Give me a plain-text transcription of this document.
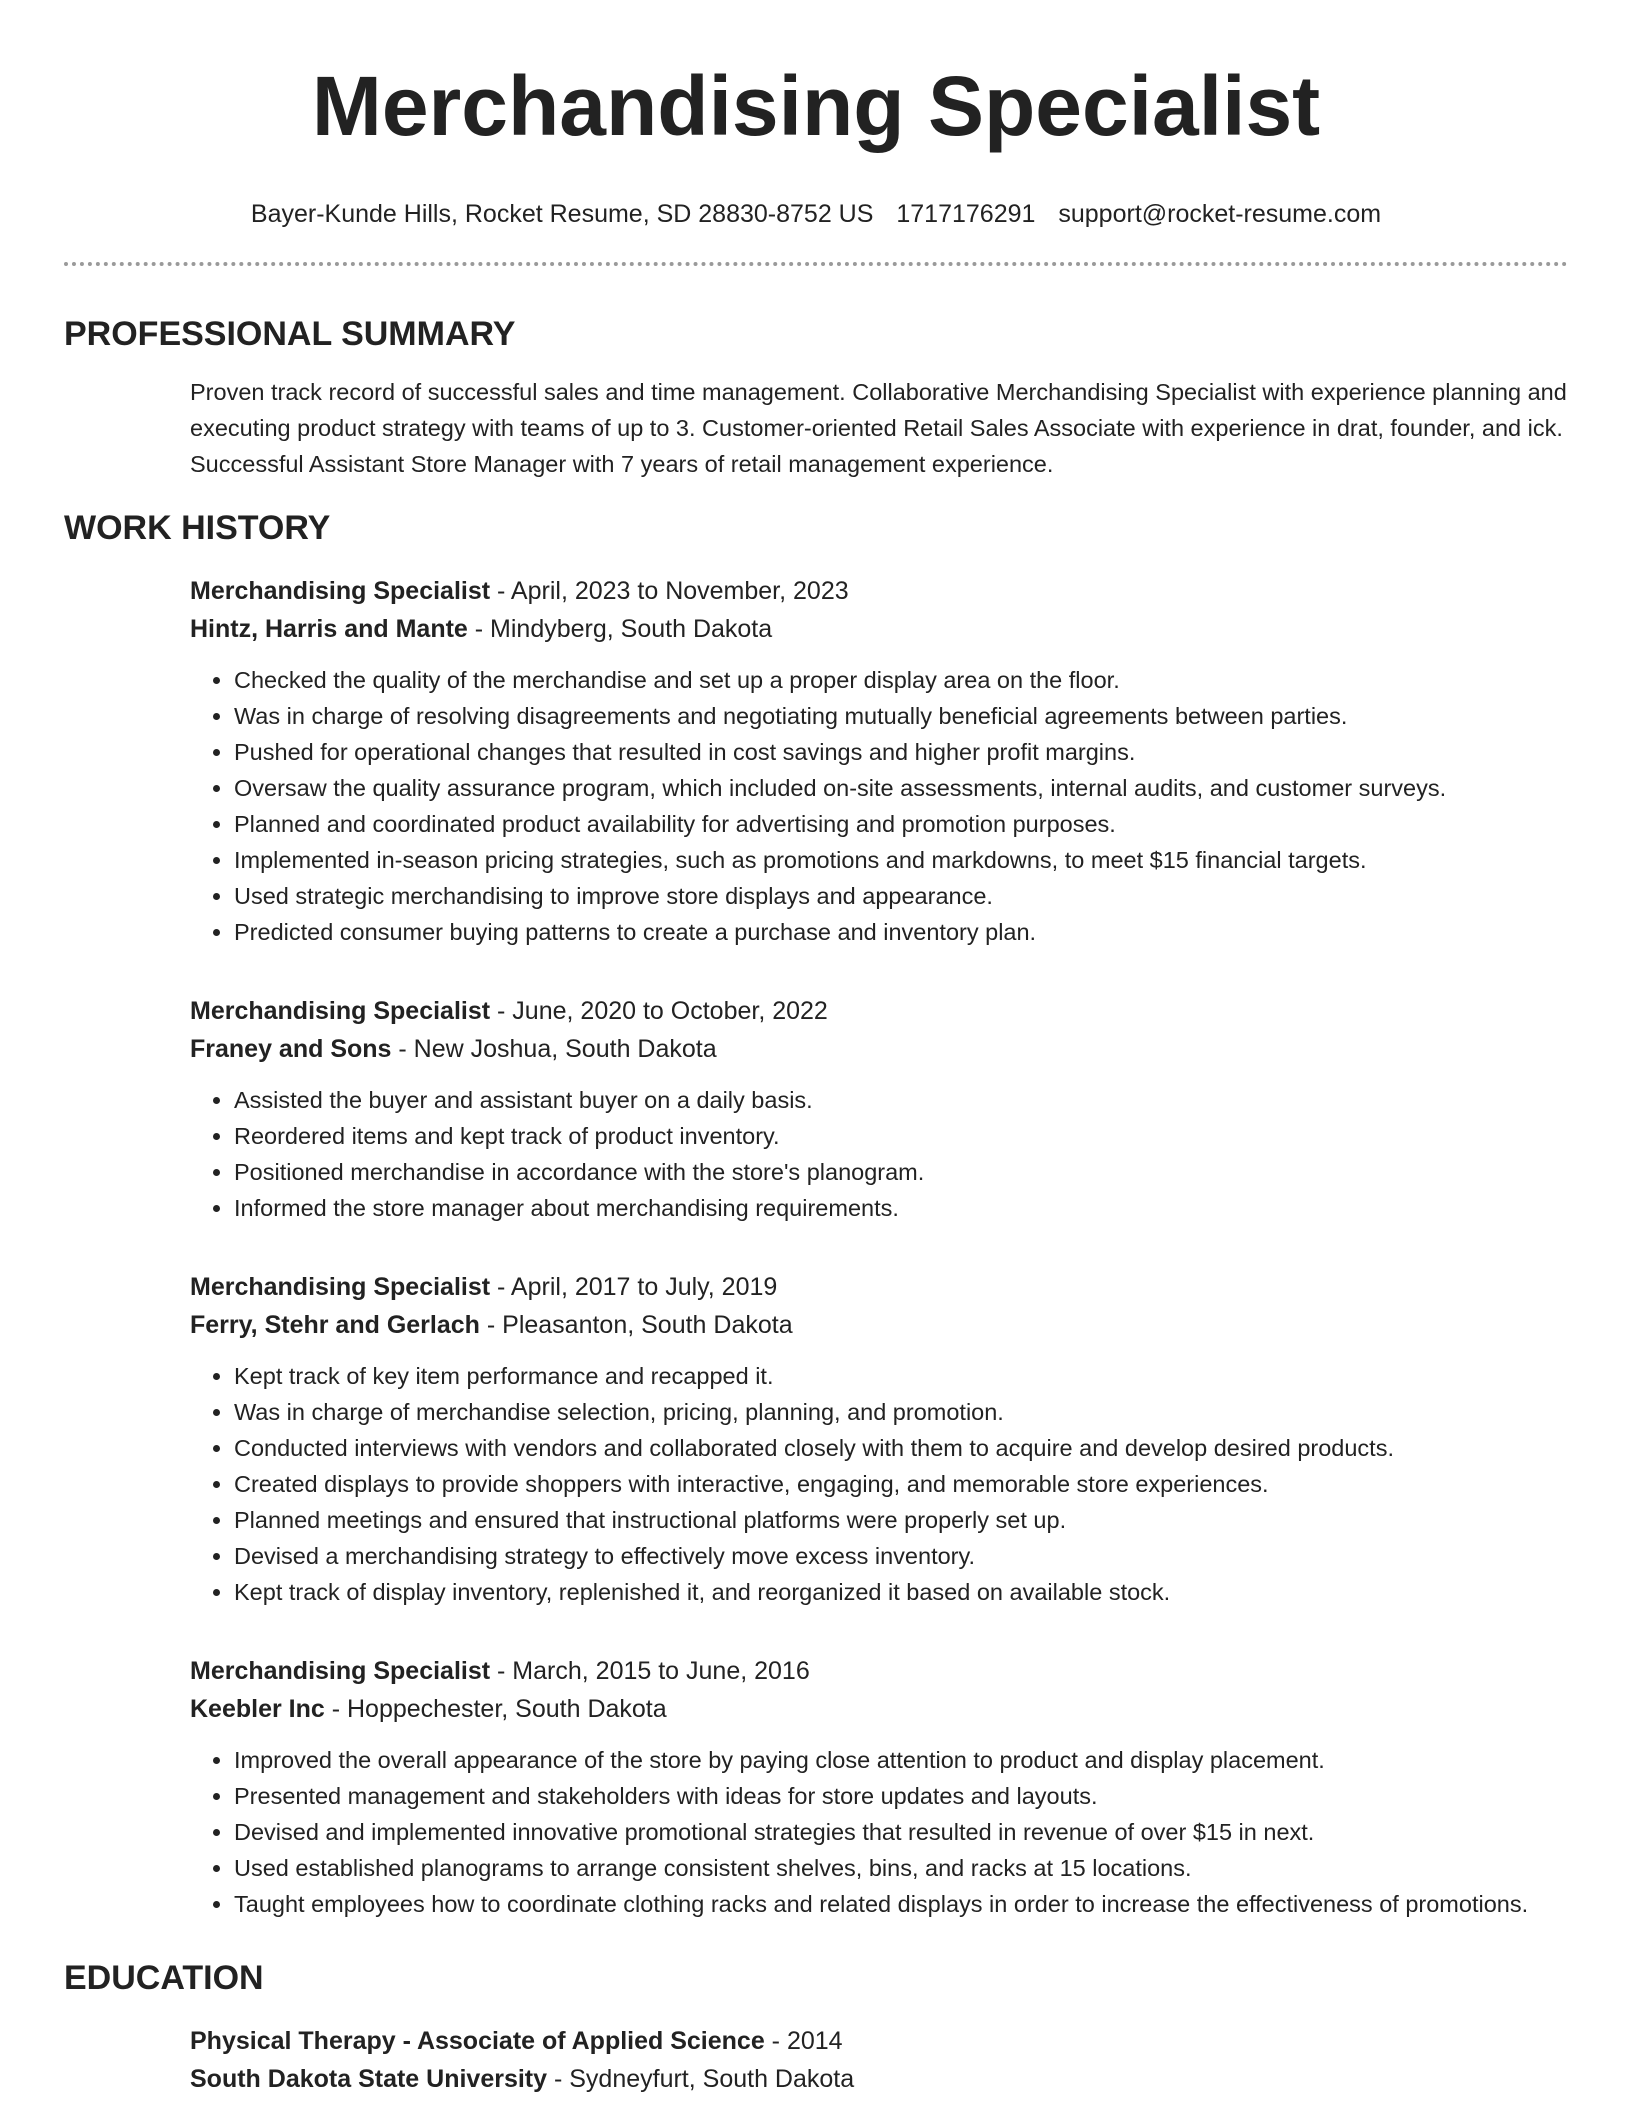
Merchandising Specialist
Bayer-Kunde Hills, Rocket Resume, SD 28830-8752 US 1717176291 support@rocket-resume.com
PROFESSIONAL SUMMARY
Proven track record of successful sales and time management. Collaborative Merchandising Specialist with experience planning and executing product strategy with teams of up to 3. Customer-oriented Retail Sales Associate with experience in drat, founder, and ick. Successful Assistant Store Manager with 7 years of retail management experience.
WORK HISTORY
Merchandising Specialist - April, 2023 to November, 2023
Hintz, Harris and Mante - Mindyberg, South Dakota
• Checked the quality of the merchandise and set up a proper display area on the floor.
• Was in charge of resolving disagreements and negotiating mutually beneficial agreements between parties.
• Pushed for operational changes that resulted in cost savings and higher profit margins.
• Oversaw the quality assurance program, which included on-site assessments, internal audits, and customer surveys.
• Planned and coordinated product availability for advertising and promotion purposes.
• Implemented in-season pricing strategies, such as promotions and markdowns, to meet $15 financial targets.
• Used strategic merchandising to improve store displays and appearance.
• Predicted consumer buying patterns to create a purchase and inventory plan.
Merchandising Specialist - June, 2020 to October, 2022
Franey and Sons - New Joshua, South Dakota
• Assisted the buyer and assistant buyer on a daily basis.
• Reordered items and kept track of product inventory.
• Positioned merchandise in accordance with the store's planogram.
• Informed the store manager about merchandising requirements.
Merchandising Specialist - April, 2017 to July, 2019
Ferry, Stehr and Gerlach - Pleasanton, South Dakota
• Kept track of key item performance and recapped it.
• Was in charge of merchandise selection, pricing, planning, and promotion.
• Conducted interviews with vendors and collaborated closely with them to acquire and develop desired products.
• Created displays to provide shoppers with interactive, engaging, and memorable store experiences.
• Planned meetings and ensured that instructional platforms were properly set up.
• Devised a merchandising strategy to effectively move excess inventory.
• Kept track of display inventory, replenished it, and reorganized it based on available stock.
Merchandising Specialist - March, 2015 to June, 2016
Keebler Inc - Hoppechester, South Dakota
• Improved the overall appearance of the store by paying close attention to product and display placement.
• Presented management and stakeholders with ideas for store updates and layouts.
• Devised and implemented innovative promotional strategies that resulted in revenue of over $15 in next.
• Used established planograms to arrange consistent shelves, bins, and racks at 15 locations.
• Taught employees how to coordinate clothing racks and related displays in order to increase the effectiveness of promotions.
EDUCATION
Physical Therapy - Associate of Applied Science - 2014
South Dakota State University - Sydneyfurt, South Dakota
